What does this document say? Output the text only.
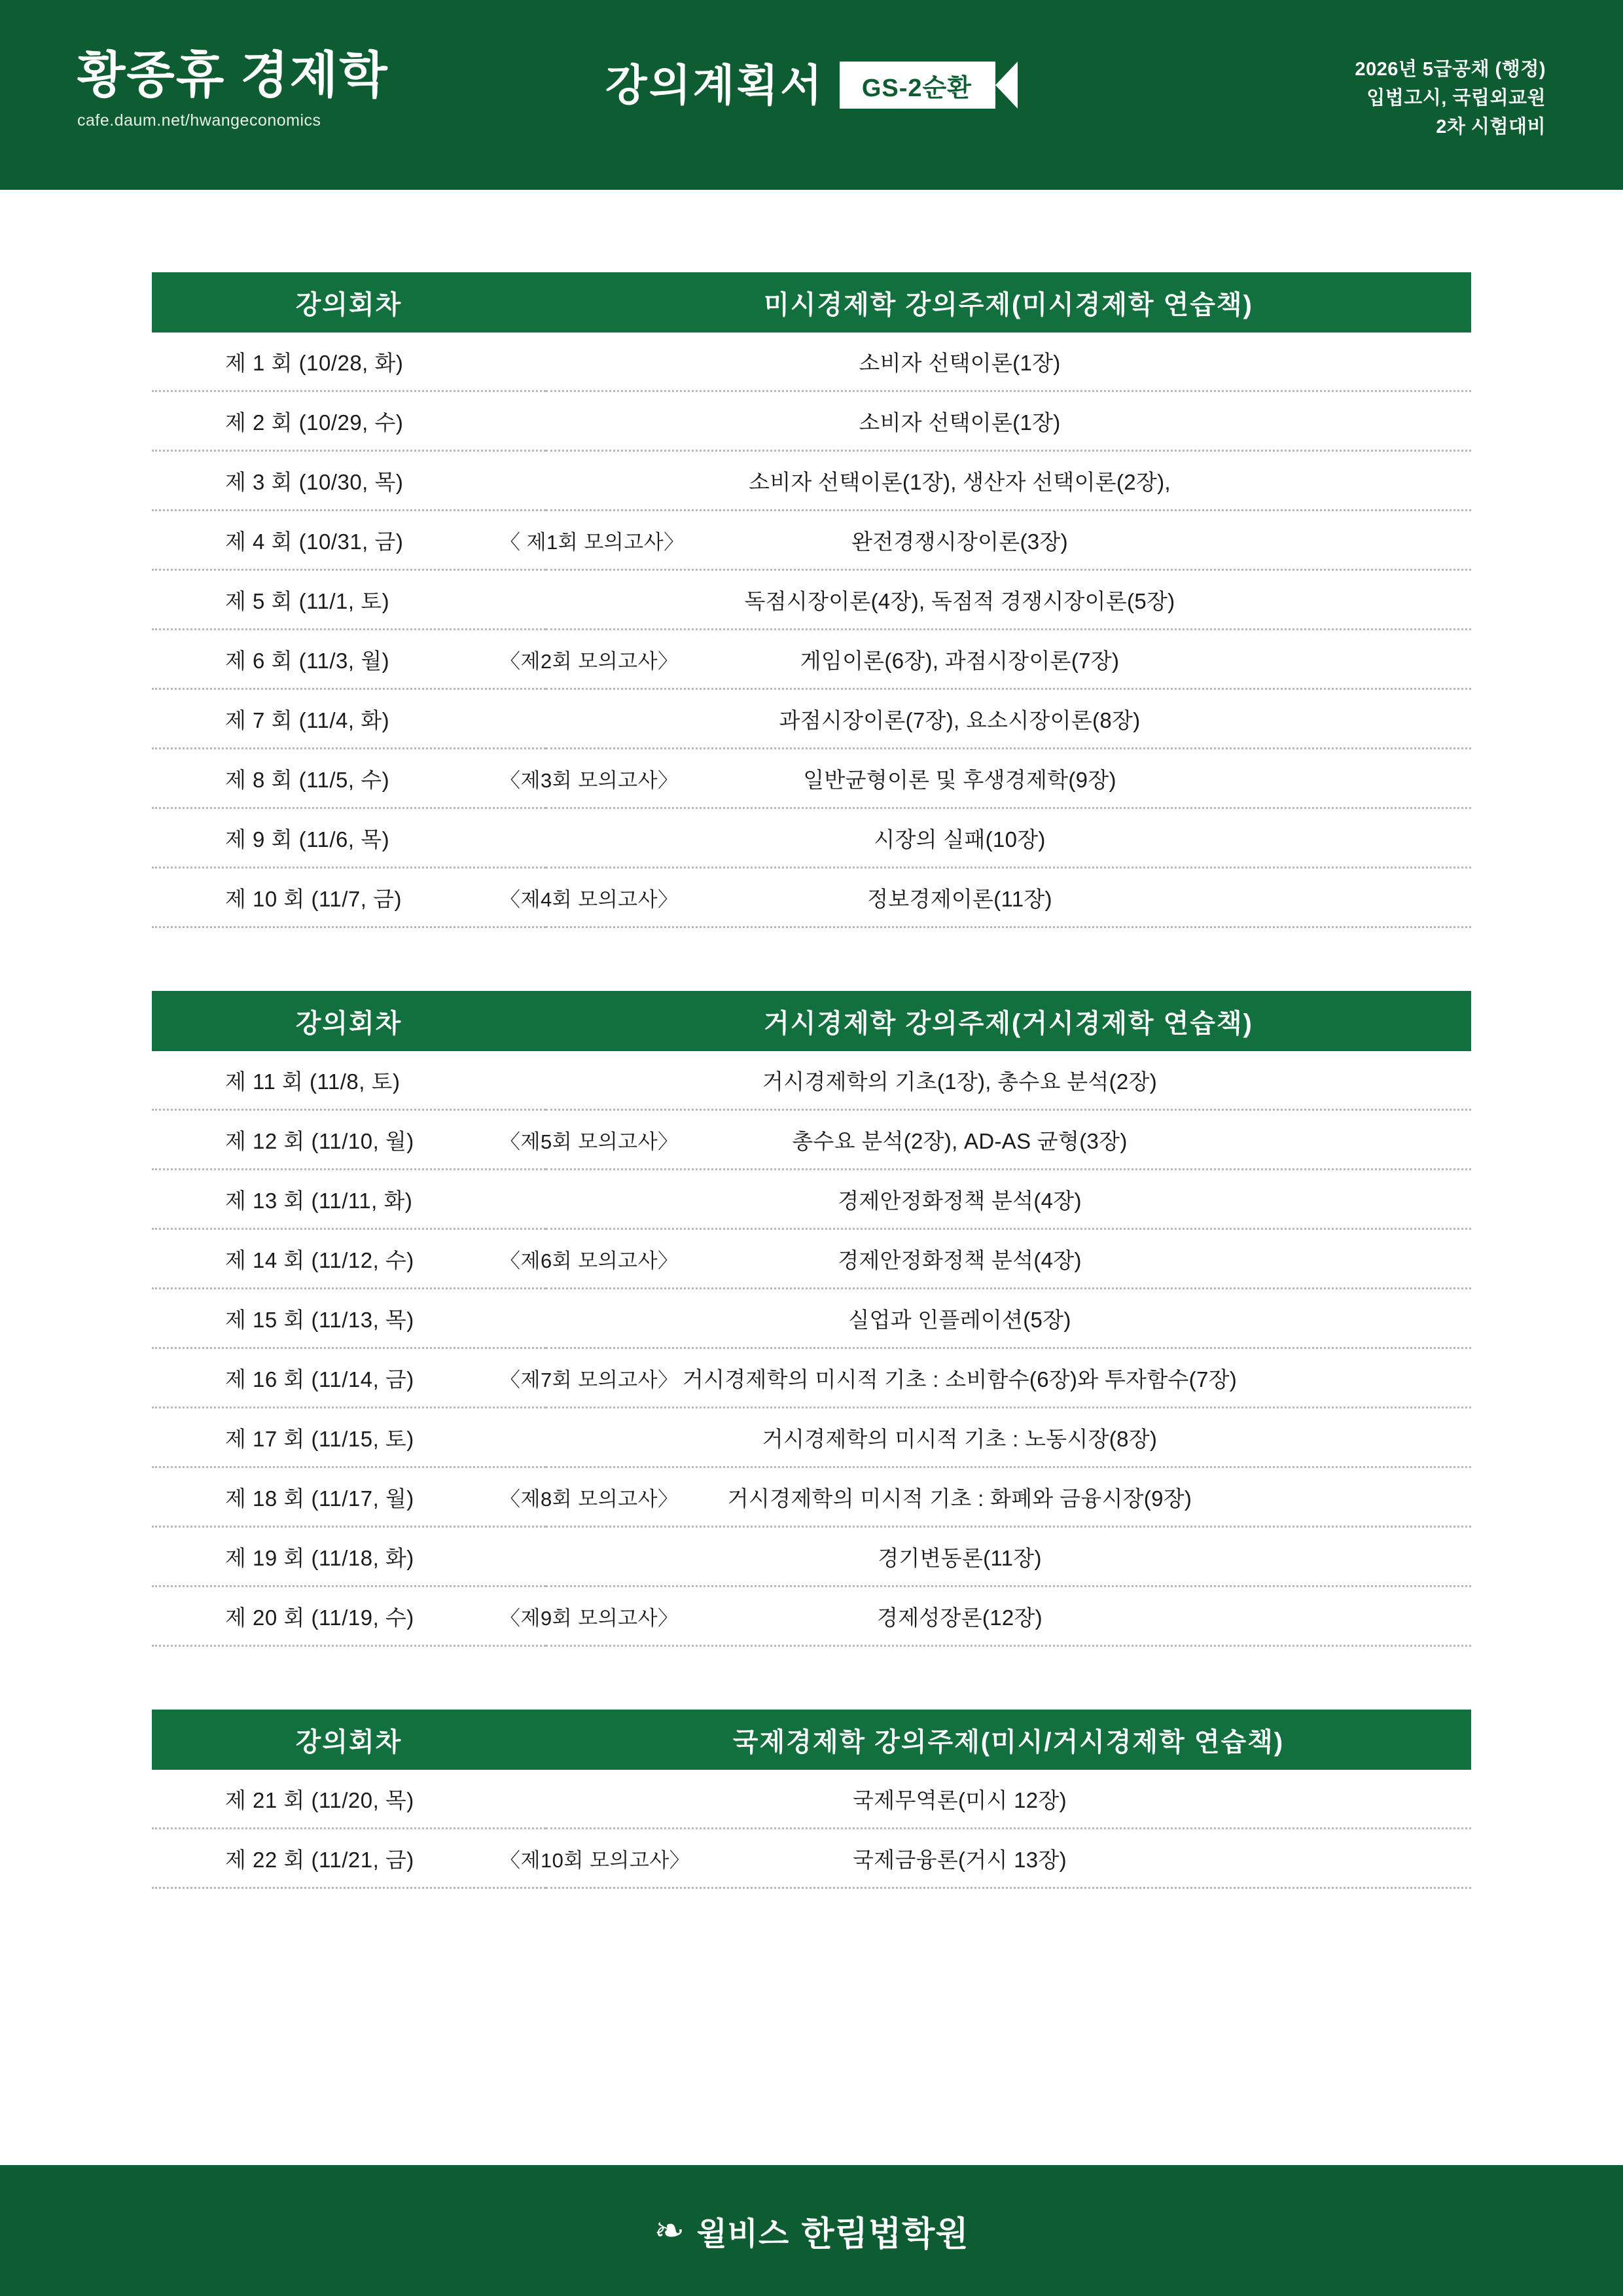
황종휴 경제학
cafe.daum.net/hwangeconomics
강의계획서	GS-2순환
2026년 5급공채 (행정)
입법고시, 국립외교원
2차 시험대비
강의회차	미시경제학 강의주제(미시경제학 연습책)

제 1 회 (10/28, 화)	소비자 선택이론(1장)

제 2 회 (10/29, 수)	소비자 선택이론(1장)

제 3 회 (10/30, 목)	소비자 선택이론(1장), 생산자 선택이론(2장),

제 4 회 (10/31, 금) 〈 제1회 모의고사〉	완전경쟁시장이론(3장)

제 5 회 (11/1, 토)	독점시장이론(4장), 독점적 경쟁시장이론(5장)

제 6 회 (11/3, 월) 〈제2회 모의고사〉	게임이론(6장), 과점시장이론(7장)

제 7 회 (11/4, 화)	과점시장이론(7장), 요소시장이론(8장)

제 8 회 (11/5, 수) 〈제3회 모의고사〉	일반균형이론 및 후생경제학(9장)

제 9 회 (11/6, 목)	시장의 실패(10장)

제 10 회 (11/7, 금) 〈제4회 모의고사〉	정보경제이론(11장)
강의회차	거시경제학 강의주제(거시경제학 연습책)

제 11 회 (11/8, 토)	거시경제학의 기초(1장), 총수요 분석(2장)

제 12 회 (11/10, 월) 〈제5회 모의고사〉	총수요 분석(2장), AD-AS 균형(3장)

제 13 회 (11/11, 화)	경제안정화정책 분석(4장)

제 14 회 (11/12, 수) 〈제6회 모의고사〉	경제안정화정책 분석(4장)

제 15 회 (11/13, 목)	실업과 인플레이션(5장)

제 16 회 (11/14, 금) 〈제7회 모의고사〉	거시경제학의 미시적 기초 : 소비함수(6장)와 투자함수(7장)

제 17 회 (11/15, 토)	거시경제학의 미시적 기초 : 노동시장(8장)

제 18 회 (11/17, 월) 〈제8회 모의고사〉	거시경제학의 미시적 기초 : 화폐와 금융시장(9장)

제 19 회 (11/18, 화)	경기변동론(11장)

제 20 회 (11/19, 수) 〈제9회 모의고사〉	경제성장론(12장)
강의회차	국제경제학 강의주제(미시/거시경제학 연습책)

제 21 회 (11/20, 목)	국제무역론(미시 12장)

제 22 회 (11/21, 금) 〈제10회 모의고사〉	국제금융론(거시 13장)
❧ 윌비스 한림법학원
